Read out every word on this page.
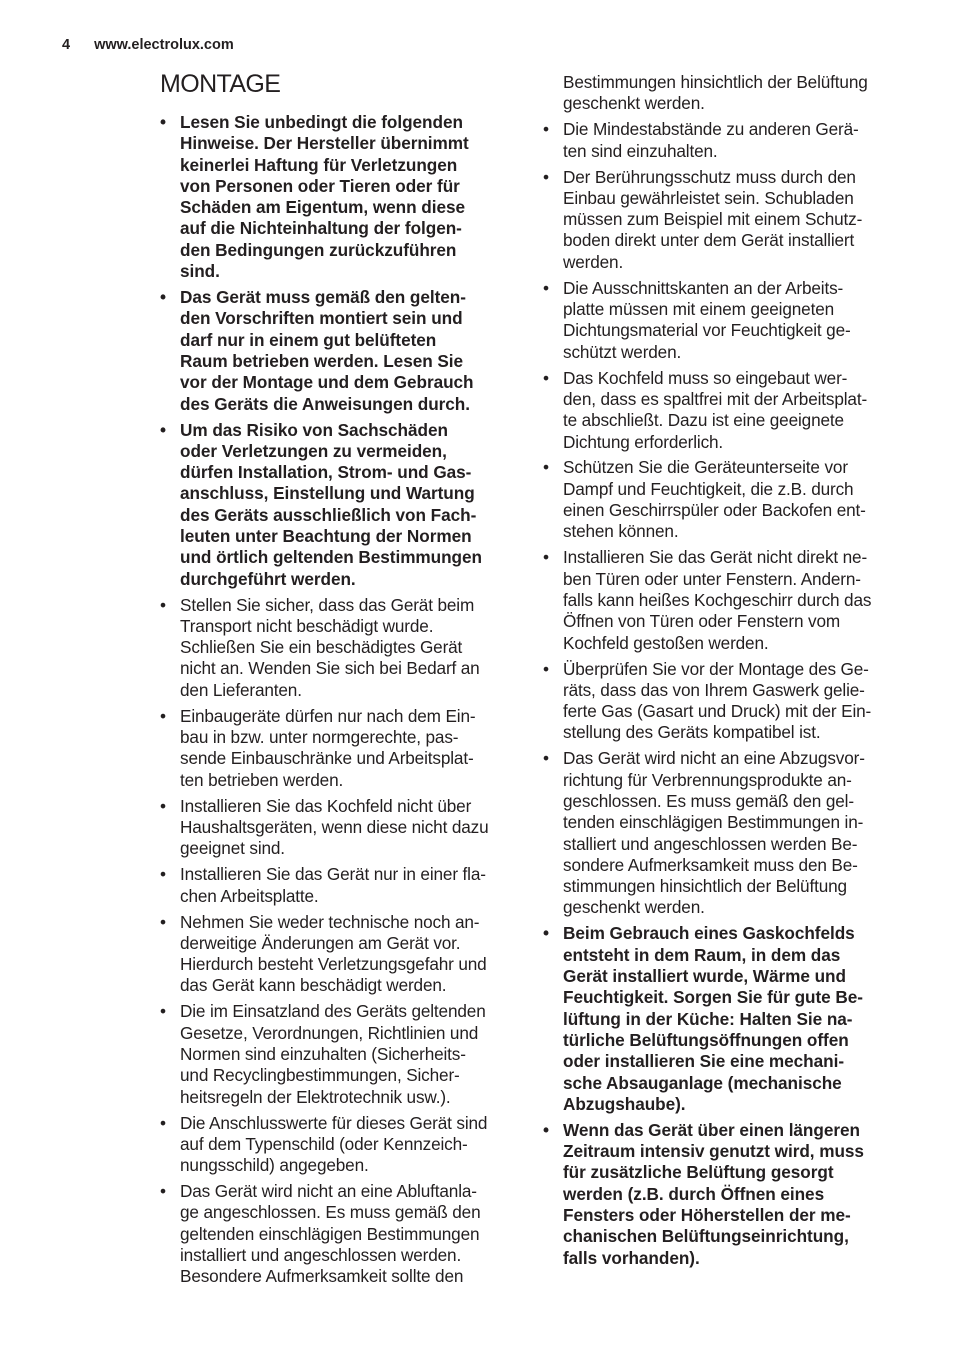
4 www.electrolux.com
MONTAGE
• Lesen Sie unbedingt die folgenden
Hinweise. Der Hersteller übernimmt
keinerlei Haftung für Verletzungen
von Personen oder Tieren oder für
Schäden am Eigentum, wenn diese
auf die Nichteinhaltung der folgen-
den Bedingungen zurückzuführen
sind.
• Das Gerät muss gemäß den gelten-
den Vorschriften montiert sein und
darf nur in einem gut belüfteten
Raum betrieben werden. Lesen Sie
vor der Montage und dem Gebrauch
des Geräts die Anweisungen durch.
• Um das Risiko von Sachschäden
oder Verletzungen zu vermeiden,
dürfen Installation, Strom- und Gas-
anschluss, Einstellung und Wartung
des Geräts ausschließlich von Fach-
leuten unter Beachtung der Normen
und örtlich geltenden Bestimmungen
durchgeführt werden.
• Stellen Sie sicher, dass das Gerät beim
Transport nicht beschädigt wurde.
Schließen Sie ein beschädigtes Gerät
nicht an. Wenden Sie sich bei Bedarf an
den Lieferanten.
• Einbaugeräte dürfen nur nach dem Ein-
bau in bzw. unter normgerechte, pas-
sende Einbauschränke und Arbeitsplat-
ten betrieben werden.
• Installieren Sie das Kochfeld nicht über
Haushaltsgeräten, wenn diese nicht dazu
geeignet sind.
• Installieren Sie das Gerät nur in einer fla-
chen Arbeitsplatte.
• Nehmen Sie weder technische noch an-
derweitige Änderungen am Gerät vor.
Hierdurch besteht Verletzungsgefahr und
das Gerät kann beschädigt werden.
• Die im Einsatzland des Geräts geltenden
Gesetze, Verordnungen, Richtlinien und
Normen sind einzuhalten (Sicherheits-
und Recyclingbestimmungen, Sicher-
heitsregeln der Elektrotechnik usw.).
• Die Anschlusswerte für dieses Gerät sind
auf dem Typenschild (oder Kennzeich-
nungsschild) angegeben.
• Das Gerät wird nicht an eine Abluftanla-
ge angeschlossen. Es muss gemäß den
geltenden einschlägigen Bestimmungen
installiert und angeschlossen werden.
Besondere Aufmerksamkeit sollte den
Bestimmungen hinsichtlich der Belüftung
geschenkt werden.
• Die Mindestabstände zu anderen Gerä-
ten sind einzuhalten.
• Der Berührungsschutz muss durch den
Einbau gewährleistet sein. Schubladen
müssen zum Beispiel mit einem Schutz-
boden direkt unter dem Gerät installiert
werden.
• Die Ausschnittskanten an der Arbeits-
platte müssen mit einem geeigneten
Dichtungsmaterial vor Feuchtigkeit ge-
schützt werden.
• Das Kochfeld muss so eingebaut wer-
den, dass es spaltfrei mit der Arbeitsplat-
te abschließt. Dazu ist eine geeignete
Dichtung erforderlich.
• Schützen Sie die Geräteunterseite vor
Dampf und Feuchtigkeit, die z.B. durch
einen Geschirrspüler oder Backofen ent-
stehen können.
• Installieren Sie das Gerät nicht direkt ne-
ben Türen oder unter Fenstern. Andern-
falls kann heißes Kochgeschirr durch das
Öffnen von Türen oder Fenstern vom
Kochfeld gestoßen werden.
• Überprüfen Sie vor der Montage des Ge-
räts, dass das von Ihrem Gaswerk gelie-
ferte Gas (Gasart und Druck) mit der Ein-
stellung des Geräts kompatibel ist.
• Das Gerät wird nicht an eine Abzugsvor-
richtung für Verbrennungsprodukte an-
geschlossen. Es muss gemäß den gel-
tenden einschlägigen Bestimmungen in-
stalliert und angeschlossen werden Be-
sondere Aufmerksamkeit muss den Be-
stimmungen hinsichtlich der Belüftung
geschenkt werden.
• Beim Gebrauch eines Gaskochfelds
entsteht in dem Raum, in dem das
Gerät installiert wurde, Wärme und
Feuchtigkeit. Sorgen Sie für gute Be-
lüftung in der Küche: Halten Sie na-
türliche Belüftungsöffnungen offen
oder installieren Sie eine mechani-
sche Absauganlage (mechanische
Abzugshaube).
• Wenn das Gerät über einen längeren
Zeitraum intensiv genutzt wird, muss
für zusätzliche Belüftung gesorgt
werden (z.B. durch Öffnen eines
Fensters oder Höherstellen der me-
chanischen Belüftungseinrichtung,
falls vorhanden).
